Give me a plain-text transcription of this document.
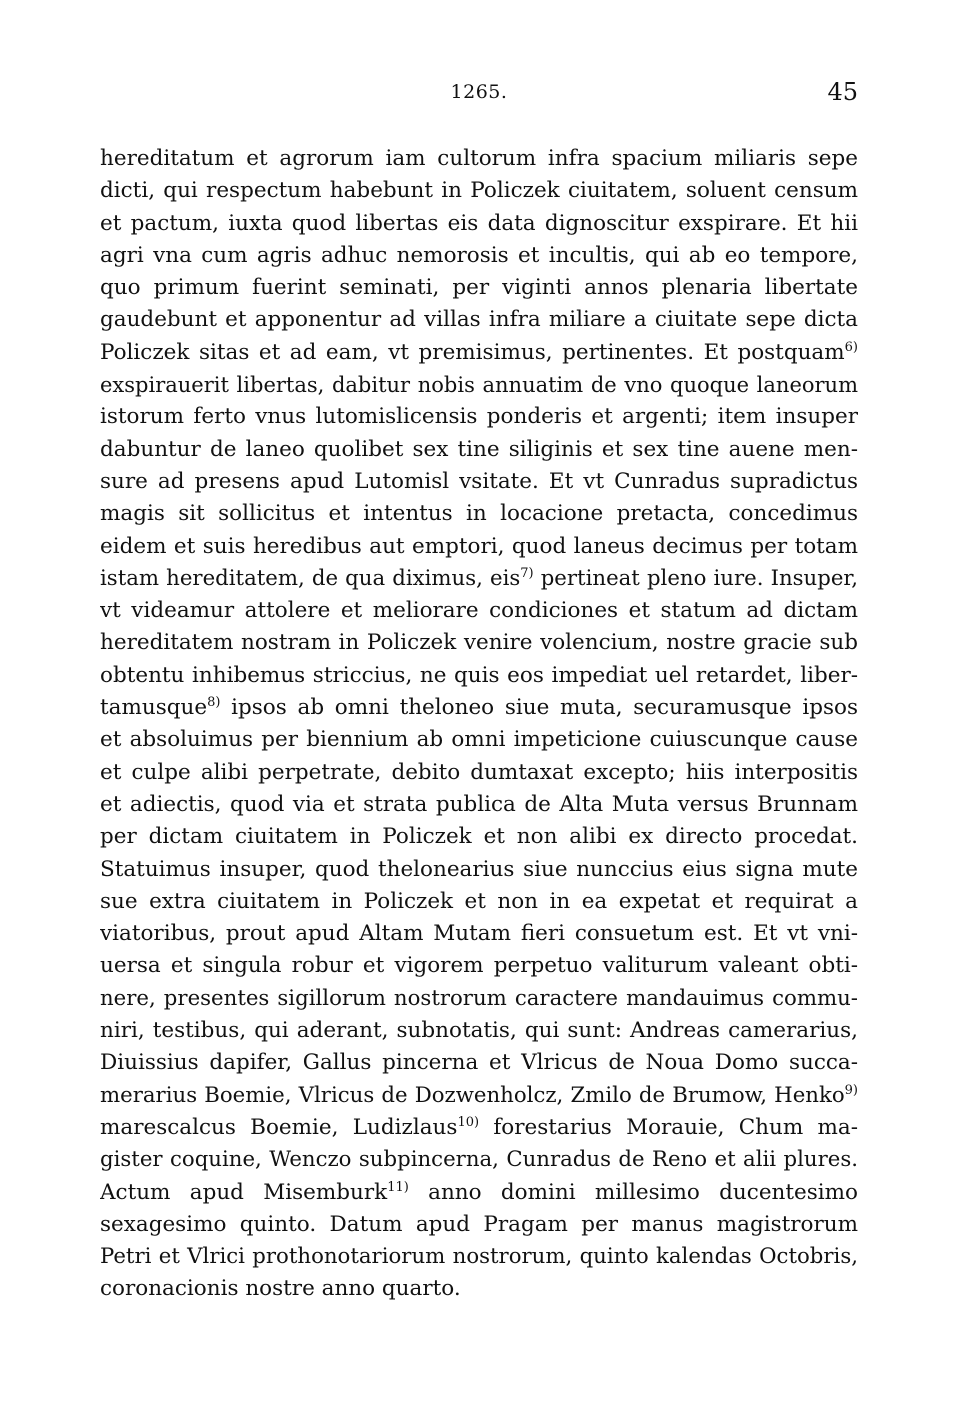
1265.	45
hereditatum et agrorum iam cultorum infra spacium miliaris sepe
dicti, qui respectum habebunt in Policzek ciuitatem, soluent censum
et pactum, iuxta quod libertas eis data dignoscitur exspirare. Et hii
agri vna cum agris adhuc nemorosis et incultis, qui ab eo tempore,
quo primum fuerint seminati, per viginti annos plenaria libertate
gaudebunt et apponentur ad villas infra miliare a ciuitate sepe dicta
Policzek sitas et ad eam, vt premisimus, pertinentes. Et postquam$^{6)}$
exspirauerit libertas, dabitur nobis annuatim de vno quoque laneorum
istorum ferto vnus lutomislicensis ponderis et argenti; item insuper
dabuntur de laneo quolibet sex tine siliginis et sex tine auene men-
sure ad presens apud Lutomisl vsitate. Et vt Cunradus supradictus
magis sit sollicitus et intentus in locacione pretacta, concedimus
eidem et suis heredibus aut emptori, quod laneus decimus per totam
istam hereditatem, de qua diximus, eis$^{7)}$ pertineat pleno iure. Insuper,
vt videamur attolere et meliorare condiciones et statum ad dictam
hereditatem nostram in Policzek venire volencium, nostre gracie sub
obtentu inhibemus striccius, ne quis eos impediat uel retardet, liber-
tamusque$^{8)}$ ipsos ab omni theloneo siue muta, securamusque ipsos
et absoluimus per biennium ab omni impeticione cuiuscunque cause
et culpe alibi perpetrate, debito dumtaxat excepto; hiis interpositis
et adiectis, quod via et strata publica de Alta Muta versus Brunnam
per dictam ciuitatem in Policzek et non alibi ex directo procedat.
Statuimus insuper, quod thelonearius siue nunccius eius signa mute
sue extra ciuitatem in Policzek et non in ea expetat et requirat a
viatoribus, prout apud Altam Mutam fieri consuetum est. Et vt vni-
uersa et singula robur et vigorem perpetuo valiturum valeant obti-
nere, presentes sigillorum nostrorum caractere mandauimus commu-
niri, testibus, qui aderant, subnotatis, qui sunt: Andreas camerarius,
Diuissius dapifer, Gallus pincerna et Vlricus de Noua Domo succa-
merarius Boemie, Vlricus de Dozwenholcz, Zmilo de Brumow, Henko$^{9)}$
marescalcus Boemie, Ludizlaus$^{10)}$ forestarius Morauie, Chum ma-
gister coquine, Wenczo subpincerna, Cunradus de Reno et alii plures.
Actum apud Misemburk$^{11)}$ anno domini millesimo ducentesimo
sexagesimo quinto. Datum apud Pragam per manus magistrorum
Petri et Vlrici prothonotariorum nostrorum, quinto kalendas Octobris,
coronacionis nostre anno quarto.
